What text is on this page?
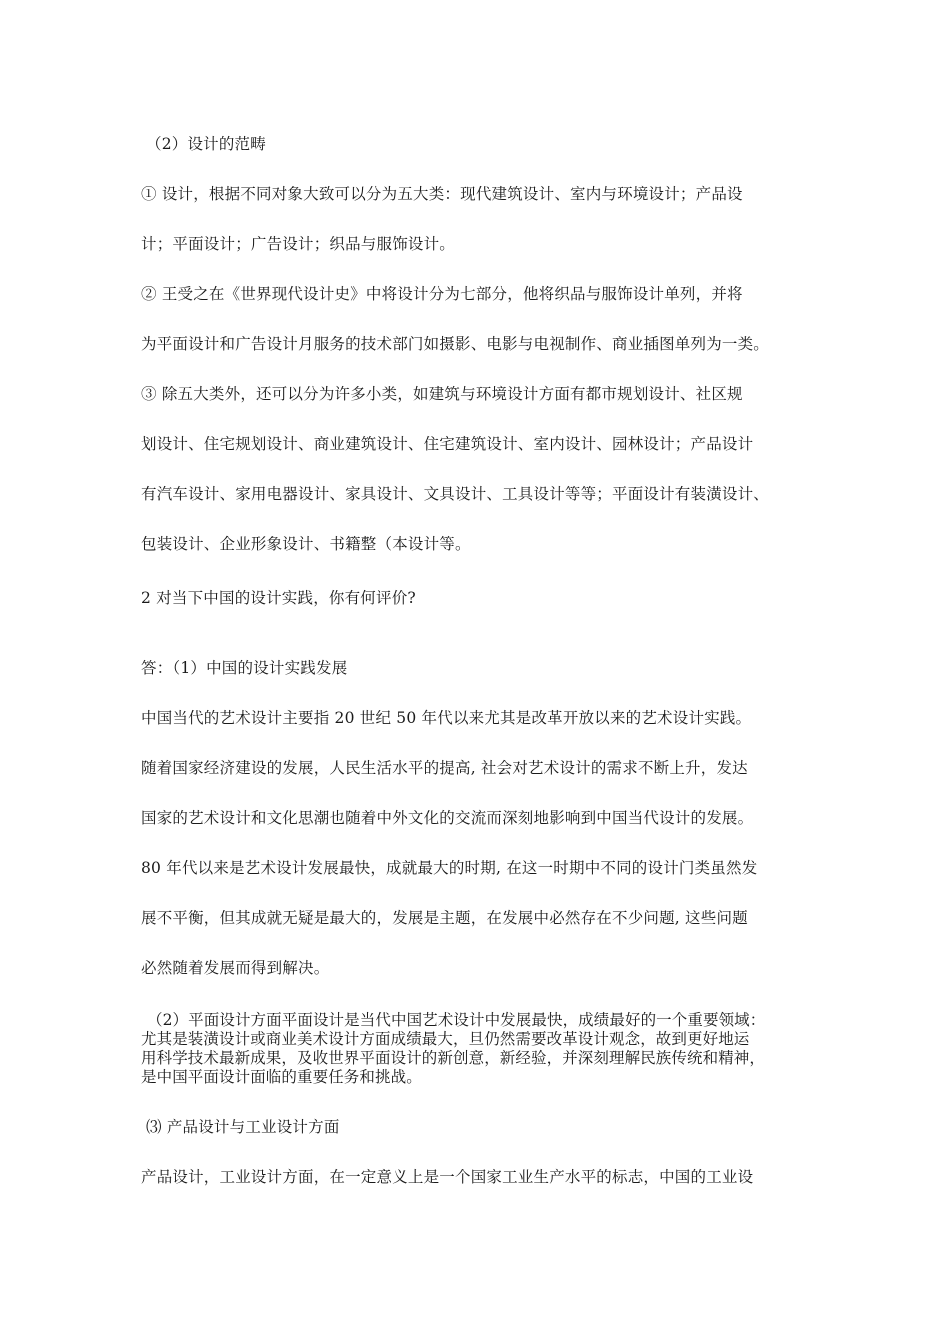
（2）设计的范畴
① 设计，根据不同对象大致可以分为五大类：现代建筑设计、室内与环境设计；产品设
计；平面设计；广告设计；织品与服饰设计。
② 王受之在《世界现代设计史》中将设计分为七部分，他将织品与服饰设计单列，并将
为平面设计和广告设计月服务的技术部门如摄影、电影与电视制作、商业插图单列为一类。
③ 除五大类外，还可以分为许多小类，如建筑与环境设计方面有都市规划设计、社区规
划设计、住宅规划设计、商业建筑设计、住宅建筑设计、室内设计、园林设计；产品设计
有汽车设计、家用电器设计、家具设计、文具设计、工具设计等等；平面设计有装潢设计、
包装设计、企业形象设计、书籍整（本设计等。
2 对当下中国的设计实践，你有何评价?
答：（1）中国的设计实践发展
中国当代的艺术设计主要指 20 世纪 50 年代以来尤其是改革开放以来的艺术设计实践。
随着国家经济建设的发展，人民生活水平的提高, 社会对艺术设计的需求不断上升，发达
国家的艺术设计和文化思潮也随着中外文化的交流而深刻地影响到中国当代设计的发展。
80 年代以来是艺术设计发展最快，成就最大的时期, 在这一时期中不同的设计门类虽然发
展不平衡，但其成就无疑是最大的，发展是主题，在发展中必然存在不少问题, 这些问题
必然随着发展而得到解决。
（2）平面设计方面平面设计是当代中国艺术设计中发展最快，成绩最好的一个重要领域：
尤其是装潢设计或商业美术设计方面成绩最大，旦仍然需要改革设计观念，故到更好地运
用科学技术最新成果，及收世界平面设计的新创意，新经验，并深刻理解民族传统和精神，
是中国平面设计面临的重要任务和挑战。
⑶ 产品设计与工业设计方面
产品设计，工业设计方面，在一定意义上是一个国家工业生产水平的标志，中国的工业设
